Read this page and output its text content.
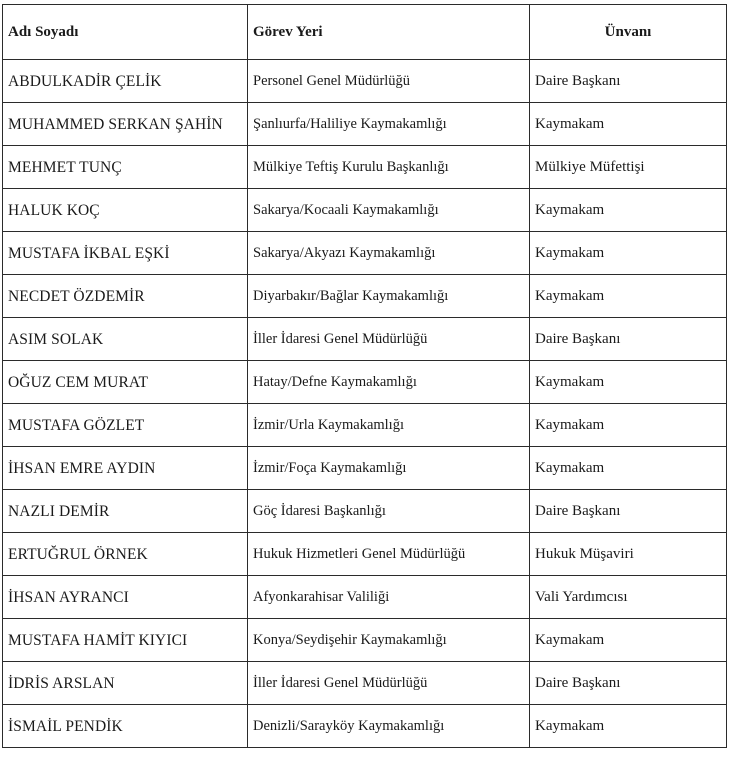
Adı Soyadı	Görev Yeri	Ünvanı
ABDULKADİR ÇELİK	Personel Genel Müdürlüğü	Daire Başkanı
MUHAMMED SERKAN ŞAHİN	Şanlıurfa/Haliliye Kaymakamlığı	Kaymakam
MEHMET TUNÇ	Mülkiye Teftiş Kurulu Başkanlığı	Mülkiye Müfettişi
HALUK KOÇ	Sakarya/Kocaali Kaymakamlığı	Kaymakam
MUSTAFA İKBAL EŞKİ	Sakarya/Akyazı Kaymakamlığı	Kaymakam
NECDET ÖZDEMİR	Diyarbakır/Bağlar Kaymakamlığı	Kaymakam
ASIM SOLAK	İller İdaresi Genel Müdürlüğü	Daire Başkanı
OĞUZ CEM MURAT	Hatay/Defne Kaymakamlığı	Kaymakam
MUSTAFA GÖZLET	İzmir/Urla Kaymakamlığı	Kaymakam
İHSAN EMRE AYDIN	İzmir/Foça Kaymakamlığı	Kaymakam
NAZLI DEMİR	Göç İdaresi Başkanlığı	Daire Başkanı
ERTUĞRUL ÖRNEK	Hukuk Hizmetleri Genel Müdürlüğü	Hukuk Müşaviri
İHSAN AYRANCI	Afyonkarahisar Valiliği	Vali Yardımcısı
MUSTAFA HAMİT KIYICI	Konya/Seydişehir Kaymakamlığı	Kaymakam
İDRİS ARSLAN	İller İdaresi Genel Müdürlüğü	Daire Başkanı
İSMAİL PENDİK	Denizli/Sarayköy Kaymakamlığı	Kaymakam
